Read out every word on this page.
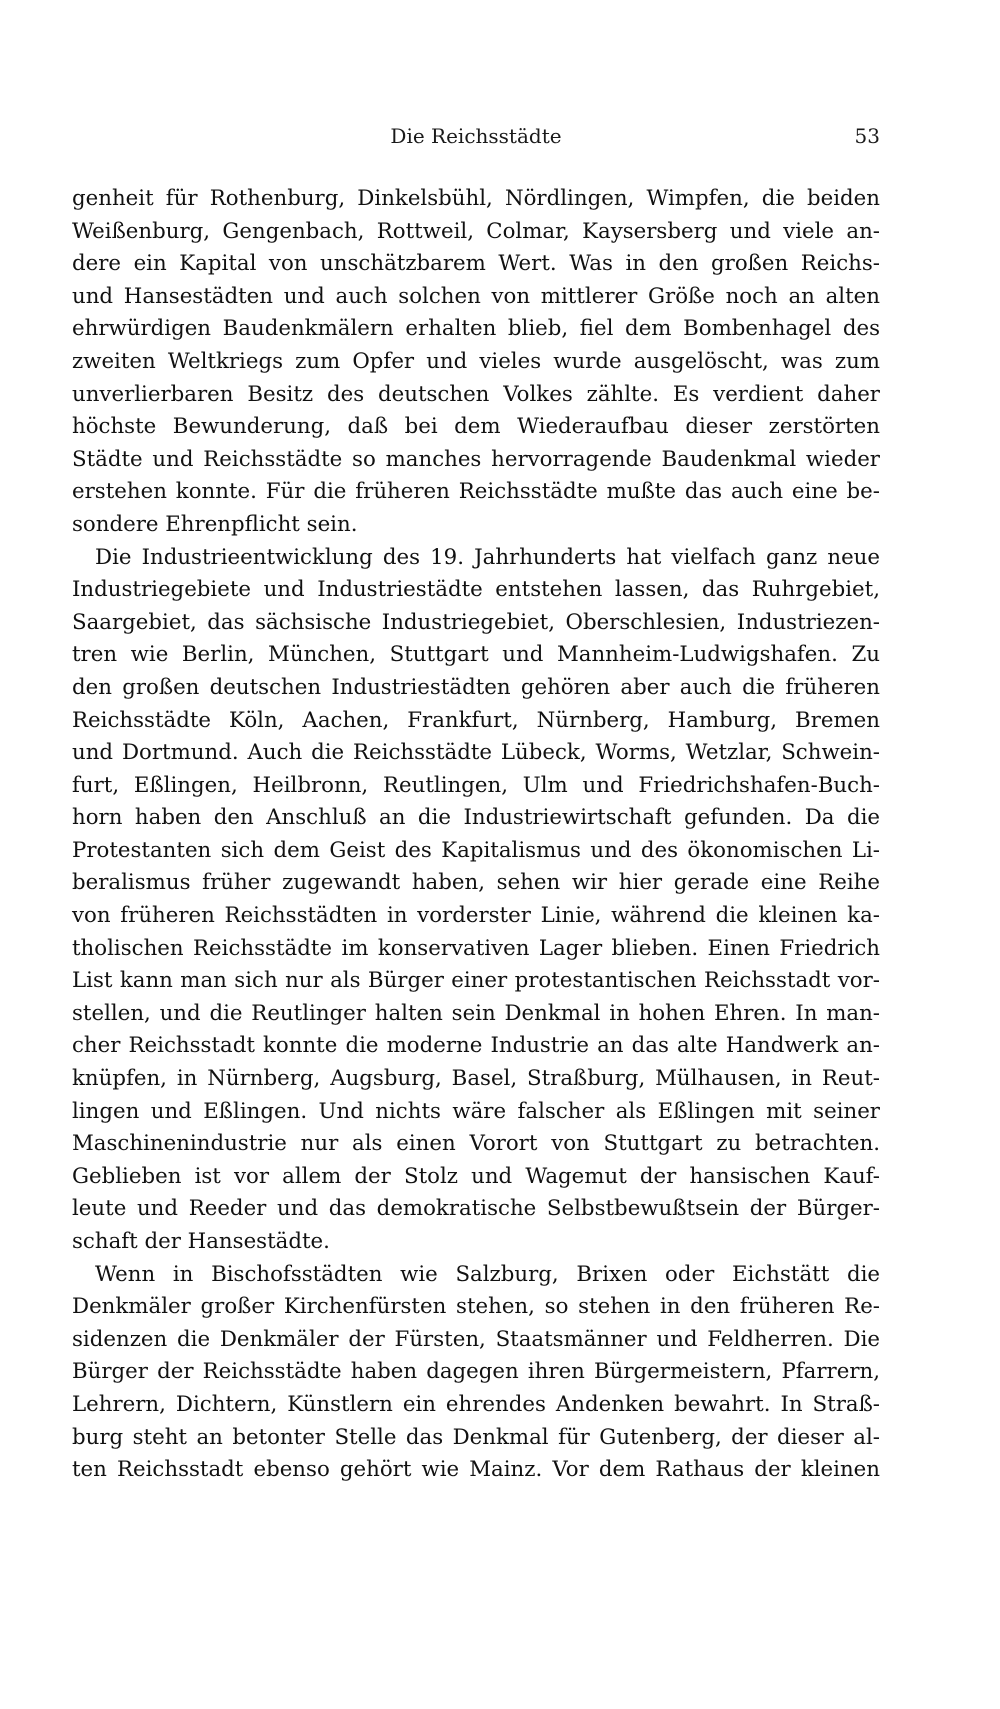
Die Reichsstädte	53
genheit für Rothenburg, Dinkelsbühl, Nördlingen, Wimpfen, die beiden
Weißenburg, Gengenbach, Rottweil, Colmar, Kaysersberg und viele an-
dere ein Kapital von unschätzbarem Wert. Was in den großen Reichs-
und Hansestädten und auch solchen von mittlerer Größe noch an alten
ehrwürdigen Baudenkmälern erhalten blieb, fiel dem Bombenhagel des
zweiten Weltkriegs zum Opfer und vieles wurde ausgelöscht, was zum
unverlierbaren Besitz des deutschen Volkes zählte. Es verdient daher
höchste Bewunderung, daß bei dem Wiederaufbau dieser zerstörten
Städte und Reichsstädte so manches hervorragende Baudenkmal wieder
erstehen konnte. Für die früheren Reichsstädte mußte das auch eine be-
sondere Ehrenpflicht sein.
Die Industrieentwicklung des 19. Jahrhunderts hat vielfach ganz neue
Industriegebiete und Industriestädte entstehen lassen, das Ruhrgebiet,
Saargebiet, das sächsische Industriegebiet, Oberschlesien, Industriezen-
tren wie Berlin, München, Stuttgart und Mannheim-Ludwigshafen. Zu
den großen deutschen Industriestädten gehören aber auch die früheren
Reichsstädte Köln, Aachen, Frankfurt, Nürnberg, Hamburg, Bremen
und Dortmund. Auch die Reichsstädte Lübeck, Worms, Wetzlar, Schwein-
furt, Eßlingen, Heilbronn, Reutlingen, Ulm und Friedrichshafen-Buch-
horn haben den Anschluß an die Industriewirtschaft gefunden. Da die
Protestanten sich dem Geist des Kapitalismus und des ökonomischen Li-
beralismus früher zugewandt haben, sehen wir hier gerade eine Reihe
von früheren Reichsstädten in vorderster Linie, während die kleinen ka-
tholischen Reichsstädte im konservativen Lager blieben. Einen Friedrich
List kann man sich nur als Bürger einer protestantischen Reichsstadt vor-
stellen, und die Reutlinger halten sein Denkmal in hohen Ehren. In man-
cher Reichsstadt konnte die moderne Industrie an das alte Handwerk an-
knüpfen, in Nürnberg, Augsburg, Basel, Straßburg, Mülhausen, in Reut-
lingen und Eßlingen. Und nichts wäre falscher als Eßlingen mit seiner
Maschinenindustrie nur als einen Vorort von Stuttgart zu betrachten.
Geblieben ist vor allem der Stolz und Wagemut der hansischen Kauf-
leute und Reeder und das demokratische Selbstbewußtsein der Bürger-
schaft der Hansestädte.
Wenn in Bischofsstädten wie Salzburg, Brixen oder Eichstätt die
Denkmäler großer Kirchenfürsten stehen, so stehen in den früheren Re-
sidenzen die Denkmäler der Fürsten, Staatsmänner und Feldherren. Die
Bürger der Reichsstädte haben dagegen ihren Bürgermeistern, Pfarrern,
Lehrern, Dichtern, Künstlern ein ehrendes Andenken bewahrt. In Straß-
burg steht an betonter Stelle das Denkmal für Gutenberg, der dieser al-
ten Reichsstadt ebenso gehört wie Mainz. Vor dem Rathaus der kleinen
